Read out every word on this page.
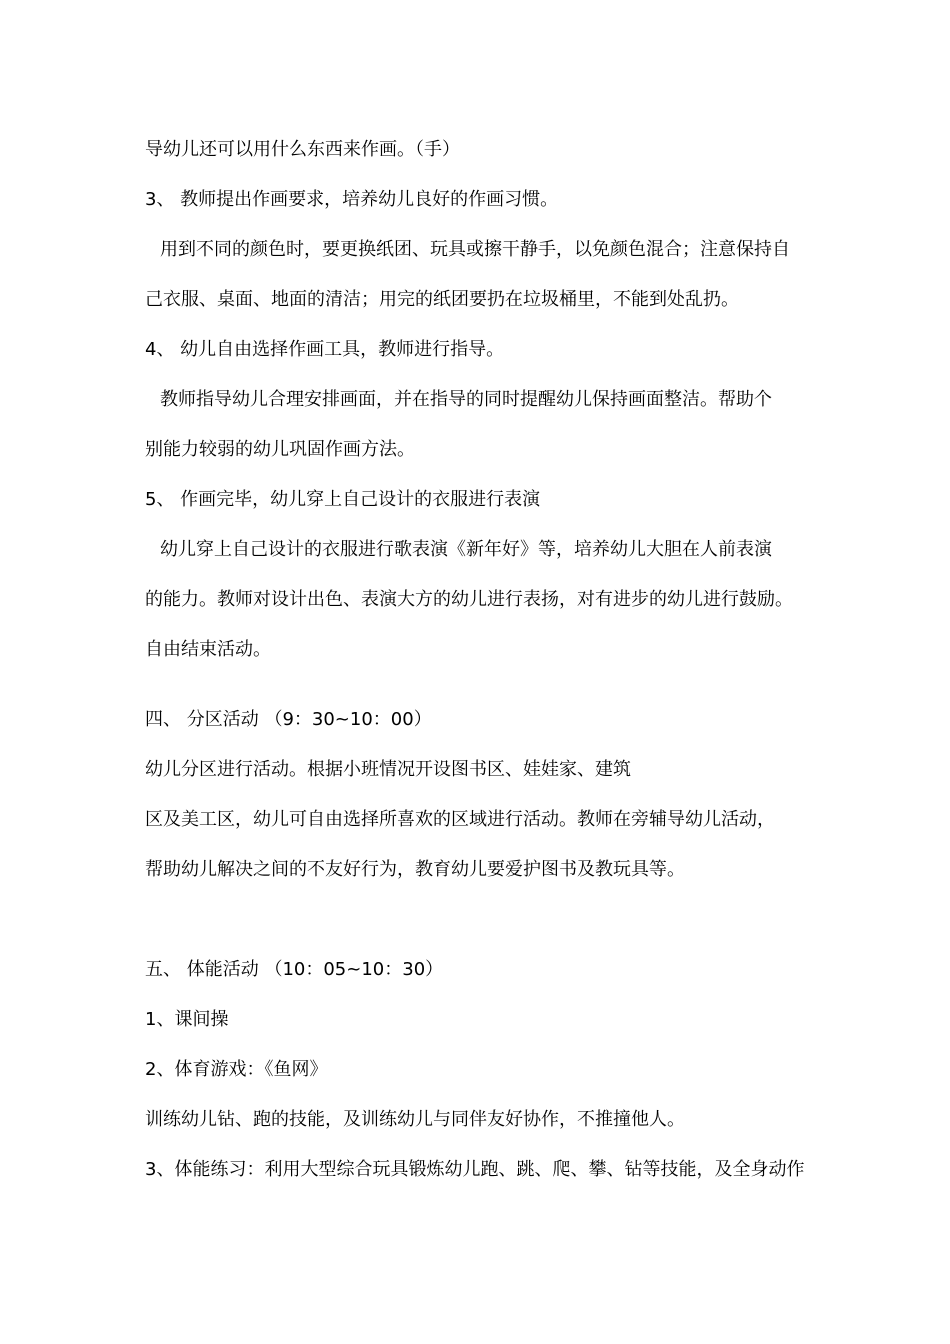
导幼儿还可以用什么东西来作画。（手）
3、 教师提出作画要求，培养幼儿良好的作画习惯。
用到不同的颜色时，要更换纸团、玩具或擦干静手，以免颜色混合；注意保持自
己衣服、桌面、地面的清洁；用完的纸团要扔在垃圾桶里，不能到处乱扔。
4、 幼儿自由选择作画工具，教师进行指导。
教师指导幼儿合理安排画面，并在指导的同时提醒幼儿保持画面整洁。帮助个
别能力较弱的幼儿巩固作画方法。
5、 作画完毕，幼儿穿上自己设计的衣服进行表演
幼儿穿上自己设计的衣服进行歌表演《新年好》等，培养幼儿大胆在人前表演
的能力。教师对设计出色、表演大方的幼儿进行表扬，对有进步的幼儿进行鼓励。
自由结束活动。
四、 分区活动 （9：30~10：00）
幼儿分区进行活动。根据小班情况开设图书区、娃娃家、建筑
区及美工区，幼儿可自由选择所喜欢的区域进行活动。教师在旁辅导幼儿活动，
帮助幼儿解决之间的不友好行为，教育幼儿要爱护图书及教玩具等。
五、 体能活动 （10：05~10：30）
1、课间操
2、体育游戏：《鱼网》
训练幼儿钻、跑的技能，及训练幼儿与同伴友好协作，不推撞他人。
3、体能练习：利用大型综合玩具锻炼幼儿跑、跳、爬、攀、钻等技能，及全身动作
